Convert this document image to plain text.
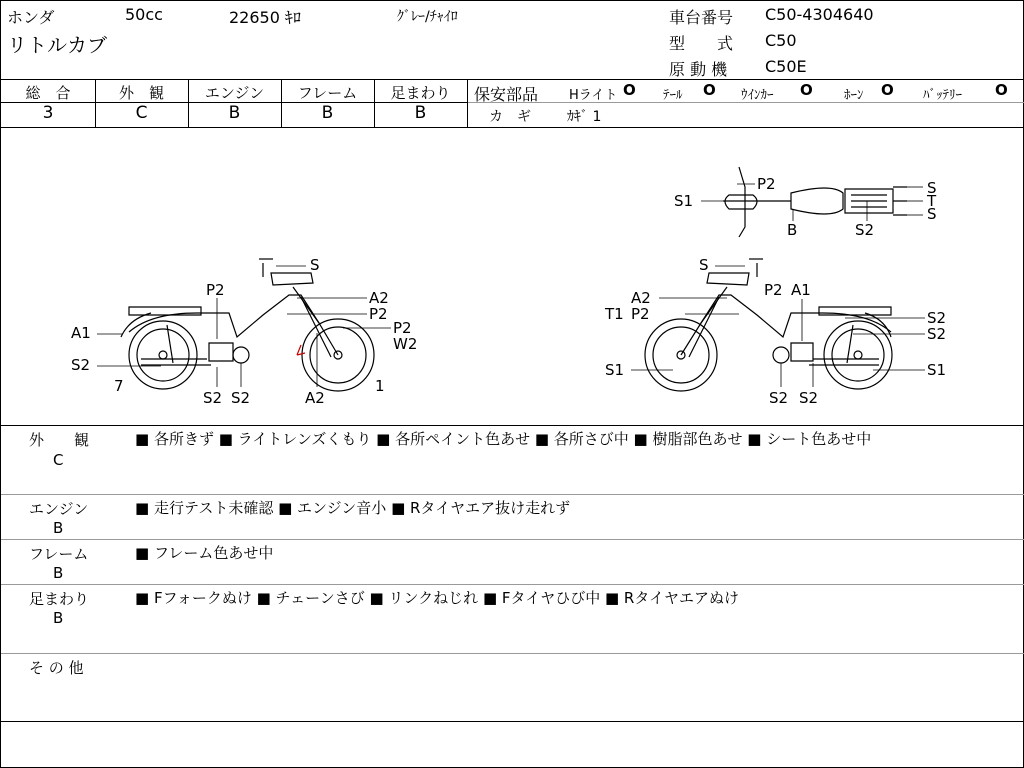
ホンダ	50cc	22650 ｷﾛ	ｸﾞﾚｰ/ﾁｬｲﾛ
リトルカブ
車台番号 C50-4304640
型　　式 C50
原 動 機 C50E
総　合	外　観	エンジン	フレーム	足まわり
3	C	B	B	B
保安部品 Hライト O ﾃｰﾙ O ｳｲﾝｶｰ O ﾎｰﾝ O ﾊﾞｯﾃﾘｰ O
カ　ギ	ｶｷﾞ 1
S
P2	A2
P2
A1	P2
W2
S2
7
S2 S2	A2
1
S
A2	P2 A1
T1 P2	S2
S2
S1	S1
S2 S2
P2
S1
B	S2
S
T
S
外　　観
C
■ 各所きず ■ ライトレンズくもり ■ 各所ペイント色あせ ■ 各所さび中 ■ 樹脂部色あせ ■ シート色あせ中
エンジン
B
■ 走行テスト未確認 ■ エンジン音小 ■ Rタイヤエア抜け走れず
フレーム
B
■ フレーム色あせ中
足まわり
B
■ Fフォークぬけ ■ チェーンさび ■ リンクねじれ ■ Fタイヤひび中 ■ Rタイヤエアぬけ
そ の 他
